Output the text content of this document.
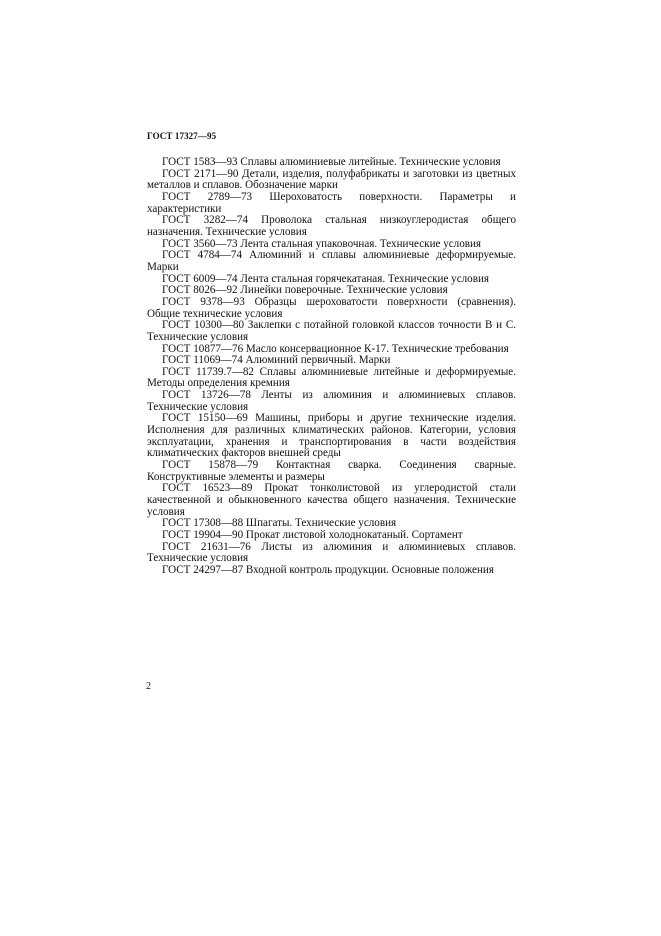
ГОСТ 17327—95
ГОСТ 1583—93 Сплавы алюминиевые литейные. Технические условия
ГОСТ 2171—90 Детали, изделия, полуфабрикаты и заготовки из цветных металлов и сплавов. Обозначение марки
ГОСТ 2789—73 Шероховатость поверхности. Параметры и характеристики
ГОСТ 3282—74 Проволока стальная низкоуглеродистая общего назначения. Технические условия
ГОСТ 3560—73 Лента стальная упаковочная. Технические условия
ГОСТ 4784—74 Алюминий и сплавы алюминиевые деформируемые. Марки
ГОСТ 6009—74 Лента стальная горячекатаная. Технические условия
ГОСТ 8026—92 Линейки поверочные. Технические условия
ГОСТ 9378—93 Образцы шероховатости поверхности (сравнения). Общие технические условия
ГОСТ 10300—80 Заклепки с потайной головкой классов точности В и С. Технические условия
ГОСТ 10877—76 Масло консервационное К-17. Технические требования
ГОСТ 11069—74 Алюминий первичный. Марки
ГОСТ 11739.7—82 Сплавы алюминиевые литейные и деформируемые. Методы определения кремния
ГОСТ 13726—78 Ленты из алюминия и алюминиевых сплавов. Технические условия
ГОСТ 15150—69 Машины, приборы и другие технические изделия. Исполнения для различных климатических районов. Категории, условия эксплуатации, хранения и транспортирования в части воздействия климатических факторов внешней среды
ГОСТ 15878—79 Контактная сварка. Соединения сварные. Конструктивные элементы и размеры
ГОСТ 16523—89 Прокат тонколистовой из углеродистой стали качественной и обыкновенного качества общего назначения. Технические условия
ГОСТ 17308—88 Шпагаты. Технические условия
ГОСТ 19904—90 Прокат листовой холоднокатаный. Сортамент
ГОСТ 21631—76 Листы из алюминия и алюминиевых сплавов. Технические условия
ГОСТ 24297—87 Входной контроль продукции. Основные положения
2
